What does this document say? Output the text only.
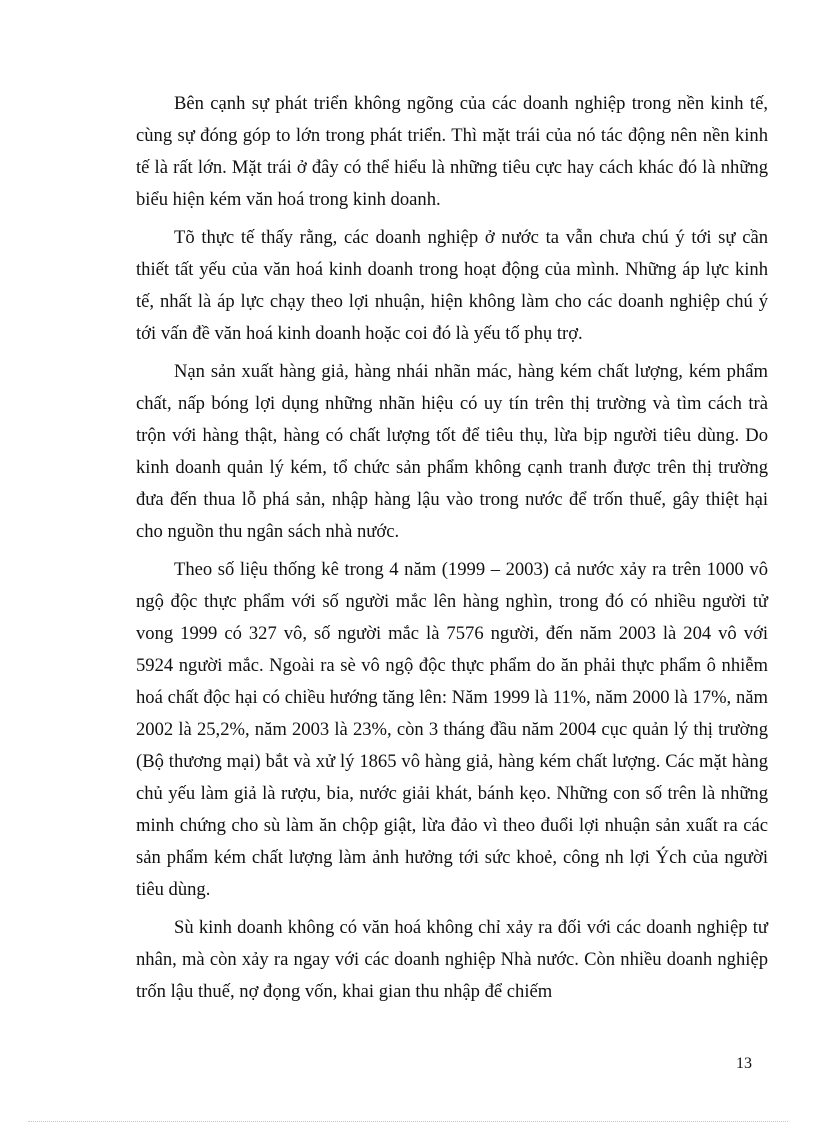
Bên cạnh sự phát triển không ngõng của các doanh nghiệp trong nền kinh tế, cùng sự đóng góp to lớn trong phát triển. Thì mặt trái của nó tác động nên nền kinh tế là rất lớn. Mặt trái ở đây có thể hiểu là những tiêu cực hay cách khác đó là những biểu hiện kém văn hoá trong kinh doanh.

Tõ thực tế thấy rằng, các doanh nghiệp ở nước ta vẫn chưa chú ý tới sự cần thiết tất yếu của văn hoá kinh doanh trong hoạt động của mình. Những áp lực kinh tế, nhất là áp lực chạy theo lợi nhuận, hiện không làm cho các doanh nghiệp chú ý tới vấn đề văn hoá kinh doanh hoặc coi đó là yếu tố phụ trợ.

Nạn sản xuất hàng giả, hàng nhái nhãn mác, hàng kém chất lượng, kém phẩm chất, nấp bóng lợi dụng những nhãn hiệu có uy tín trên thị trường và tìm cách trà trộn với hàng thật, hàng có chất lượng tốt để tiêu thụ, lừa bịp người tiêu dùng. Do kinh doanh quản lý kém, tổ chức sản phẩm không cạnh tranh được trên thị trường đưa đến thua lỗ phá sản, nhập hàng lậu vào trong nước để trốn thuế, gây thiệt hại cho nguồn thu ngân sách nhà nước.

Theo số liệu thống kê trong 4 năm (1999 – 2003) cả nước xảy ra trên 1000 vô ngộ độc thực phẩm với số người mắc lên hàng nghìn, trong đó có nhiều người tử vong 1999 có 327 vô, số người mắc là 7576 người, đến năm 2003 là 204 vô với 5924 người mắc. Ngoài ra sè vô ngộ độc thực phẩm do ăn phải thực phẩm ô nhiễm hoá chất độc hại có chiều hướng tăng lên: Năm 1999 là 11%, năm 2000 là 17%, năm 2002 là 25,2%, năm 2003 là 23%, còn 3 tháng đầu năm 2004 cục quản lý thị trường (Bộ thương mại) bắt và xử lý 1865 vô hàng giả, hàng kém chất lượng. Các mặt hàng chủ yếu làm giả là rượu, bia, nước giải khát, bánh kẹo. Những con số trên là những minh chứng cho sù làm ăn chộp giật, lừa đảo vì theo đuổi lợi nhuận sản xuất ra các sản phẩm kém chất lượng làm ảnh hưởng tới sức khoẻ, công nh lợi Ých của người tiêu dùng.

Sù kinh doanh không có văn hoá không chỉ xảy ra đối với các doanh nghiệp tư nhân, mà còn xảy ra ngay với các doanh nghiệp Nhà nước. Còn nhiều doanh nghiệp trốn lậu thuế, nợ đọng vốn, khai gian thu nhập để chiếm

13
